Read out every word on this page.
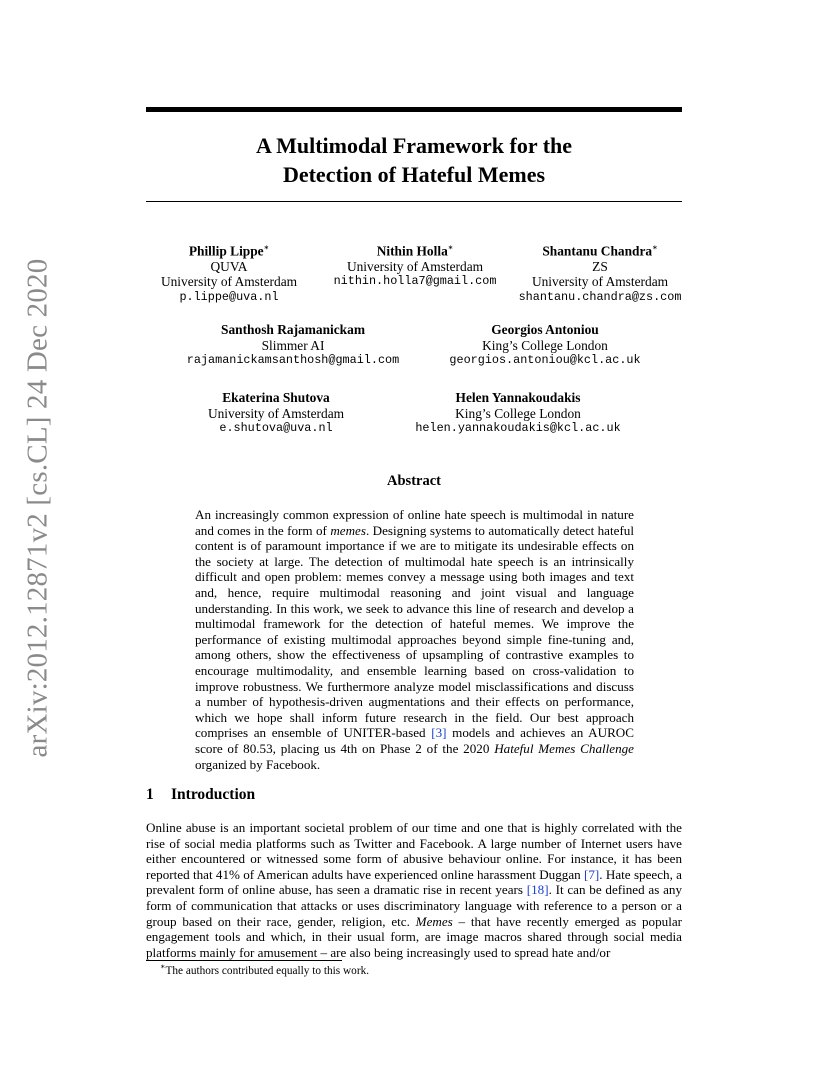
arXiv:2012.12871v2 [cs.CL] 24 Dec 2020
A Multimodal Framework for the
Detection of Hateful Memes
Phillip Lippe∗
QUVA
University of Amsterdam
p.lippe@uva.nl
Nithin Holla∗
University of Amsterdam
nithin.holla7@gmail.com
Shantanu Chandra∗
ZS
University of Amsterdam
shantanu.chandra@zs.com
Santhosh Rajamanickam
Slimmer AI
rajamanickamsanthosh@gmail.com
Georgios Antoniou
King’s College London
georgios.antoniou@kcl.ac.uk
Ekaterina Shutova
University of Amsterdam
e.shutova@uva.nl
Helen Yannakoudakis
King’s College London
helen.yannakoudakis@kcl.ac.uk
Abstract
An increasingly common expression of online hate speech is multimodal in nature and comes in the form of memes. Designing systems to automatically detect hateful content is of paramount importance if we are to mitigate its undesirable effects on the society at large. The detection of multimodal hate speech is an intrinsically difficult and open problem: memes convey a message using both images and text and, hence, require multimodal reasoning and joint visual and language understanding. In this work, we seek to advance this line of research and develop a multimodal framework for the detection of hateful memes. We improve the performance of existing multimodal approaches beyond simple fine-tuning and, among others, show the effectiveness of upsampling of contrastive examples to encourage multimodality, and ensemble learning based on cross-validation to improve robustness. We furthermore analyze model misclassifications and discuss a number of hypothesis-driven augmentations and their effects on performance, which we hope shall inform future research in the field. Our best approach comprises an ensemble of UNITER-based [3] models and achieves an AUROC score of 80.53, placing us 4th on Phase 2 of the 2020 Hateful Memes Challenge organized by Facebook.
1 Introduction
Online abuse is an important societal problem of our time and one that is highly correlated with the rise of social media platforms such as Twitter and Facebook. A large number of Internet users have either encountered or witnessed some form of abusive behaviour online. For instance, it has been reported that 41% of American adults have experienced online harassment Duggan [7]. Hate speech, a prevalent form of online abuse, has seen a dramatic rise in recent years [18]. It can be defined as any form of communication that attacks or uses discriminatory language with reference to a person or a group based on their race, gender, religion, etc. Memes – that have recently emerged as popular engagement tools and which, in their usual form, are image macros shared through social media platforms mainly for amusement – are also being increasingly used to spread hate and/or
∗The authors contributed equally to this work.
